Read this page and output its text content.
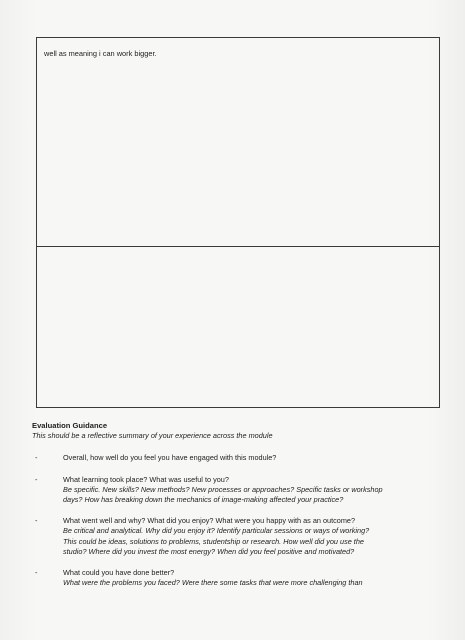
well as meaning i can work bigger.
Evaluation Guidance
This should be a reflective summary of your experience across the module
-	Overall, how well do you feel you have engaged with this module?
-	What learning took place? What was useful to you?
Be specific. New skills? New methods? New processes or approaches? Specific tasks or workshop
days? How has breaking down the mechanics of image-making affected your practice?
-	What went well and why? What did you enjoy? What were you happy with as an outcome?
Be critical and analytical. Why did you enjoy it? Identify particular sessions or ways of working?
This could be ideas, solutions to problems, studentship or research. How well did you use the
studio? Where did you invest the most energy? When did you feel positive and motivated?
-	What could you have done better?
What were the problems you faced? Were there some tasks that were more challenging than
